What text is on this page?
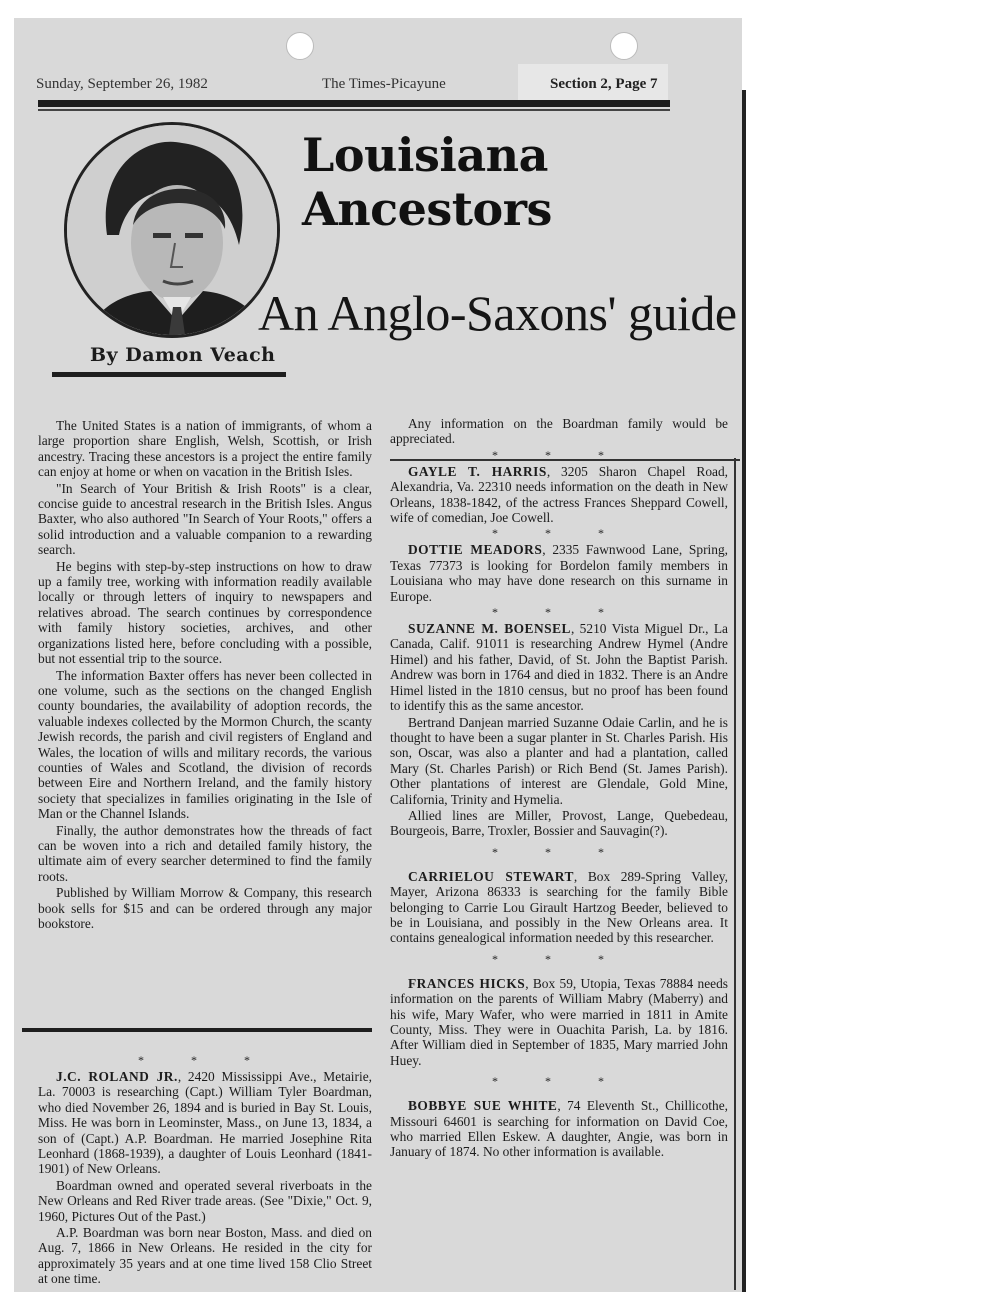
Sunday, September 26, 1982	The Times-Picayune	Section 2, Page 7
By Damon Veach
Louisiana
Ancestors
An Anglo-Saxons' guide

The United States is a nation of immigrants, of whom a large proportion share English, Welsh, Scottish, or Irish ancestry. Tracing these ancestors is a project the entire family can enjoy at home or when on vacation in the British Isles.

"In Search of Your British & Irish Roots" is a clear, concise guide to ancestral research in the British Isles. Angus Baxter, who also authored "In Search of Your Roots," offers a solid introduction and a valuable companion to a rewarding search.

He begins with step-by-step instructions on how to draw up a family tree, working with information readily available locally or through letters of inquiry to newspapers and relatives abroad. The search continues by correspondence with family history societies, archives, and other organizations listed here, before concluding with a possible, but not essential trip to the source.

The information Baxter offers has never been collected in one volume, such as the sections on the changed English county boundaries, the availability of adoption records, the valuable indexes collected by the Mormon Church, the scanty Jewish records, the parish and civil registers of England and Wales, the location of wills and military records, the various counties of Wales and Scotland, the division of records between Eire and Northern Ireland, and the family history society that specializes in families originating in the Isle of Man or the Channel Islands.

Finally, the author demonstrates how the threads of fact can be woven into a rich and detailed family history, the ultimate aim of every searcher determined to find the family roots.

Published by William Morrow & Company, this research book sells for $15 and can be ordered through any major bookstore.

* * *

J.C. ROLAND JR., 2420 Mississippi Ave., Metairie, La. 70003 is researching (Capt.) William Tyler Boardman, who died November 26, 1894 and is buried in Bay St. Louis, Miss. He was born in Leominster, Mass., on June 13, 1834, a son of (Capt.) A.P. Boardman. He married Josephine Rita Leonhard (1868-1939), a daughter of Louis Leonhard (1841-1901) of New Orleans.

Boardman owned and operated several riverboats in the New Orleans and Red River trade areas. (See "Dixie," Oct. 9, 1960, Pictures Out of the Past.)

A.P. Boardman was born near Boston, Mass. and died on Aug. 7, 1866 in New Orleans. He resided in the city for approximately 35 years and at one time lived 158 Clio Street at one time.

Any information on the Boardman family would be appreciated.

* * *

GAYLE T. HARRIS, 3205 Sharon Chapel Road, Alexandria, Va. 22310 needs information on the death in New Orleans, 1838-1842, of the actress Frances Sheppard Cowell, wife of comedian, Joe Cowell.

* * *

DOTTIE MEADORS, 2335 Fawnwood Lane, Spring, Texas 77373 is looking for Bordelon family members in Louisiana who may have done research on this surname in Europe.

* * *

SUZANNE M. BOENSEL, 5210 Vista Miguel Dr., La Canada, Calif. 91011 is researching Andrew Hymel (Andre Himel) and his father, David, of St. John the Baptist Parish. Andrew was born in 1764 and died in 1832. There is an Andre Himel listed in the 1810 census, but no proof has been found to identify this as the same ancestor.

Bertrand Danjean married Suzanne Odaie Carlin, and he is thought to have been a sugar planter in St. Charles Parish. His son, Oscar, was also a planter and had a plantation, called Mary (St. Charles Parish) or Rich Bend (St. James Parish). Other plantations of interest are Glendale, Gold Mine, California, Trinity and Hymelia.

Allied lines are Miller, Provost, Lange, Quebedeau, Bourgeois, Barre, Troxler, Bossier and Sauvagin(?).

* * *

CARRIELOU STEWART, Box 289-Spring Valley, Mayer, Arizona 86333 is searching for the family Bible belonging to Carrie Lou Girault Hartzog Beeder, believed to be in Louisiana, and possibly in the New Orleans area. It contains genealogical information needed by this researcher.

* * *

FRANCES HICKS, Box 59, Utopia, Texas 78884 needs information on the parents of William Mabry (Maberry) and his wife, Mary Wafer, who were married in 1811 in Amite County, Miss. They were in Ouachita Parish, La. by 1816. After William died in September of 1835, Mary married John Huey.

* * *

BOBBYE SUE WHITE, 74 Eleventh St., Chillicothe, Missouri 64601 is searching for information on David Coe, who married Ellen Eskew. A daughter, Angie, was born in January of 1874. No other information is available.
